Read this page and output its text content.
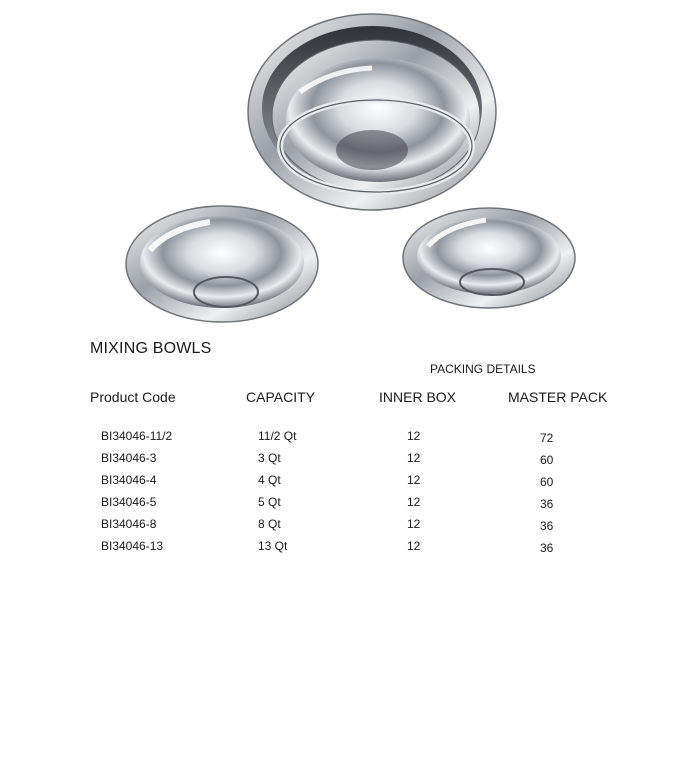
MIXING BOWLS
PACKING DETAILS
Product Code	CAPACITY	INNER BOX	MASTER PACK
BI34046-11/2	11/2 Qt	12	72
BI34046-3	3 Qt	12	60
BI34046-4	4 Qt	12	60
BI34046-5	5 Qt	12	36
BI34046-8	8 Qt	12	36
BI34046-13	13 Qt	12	36
